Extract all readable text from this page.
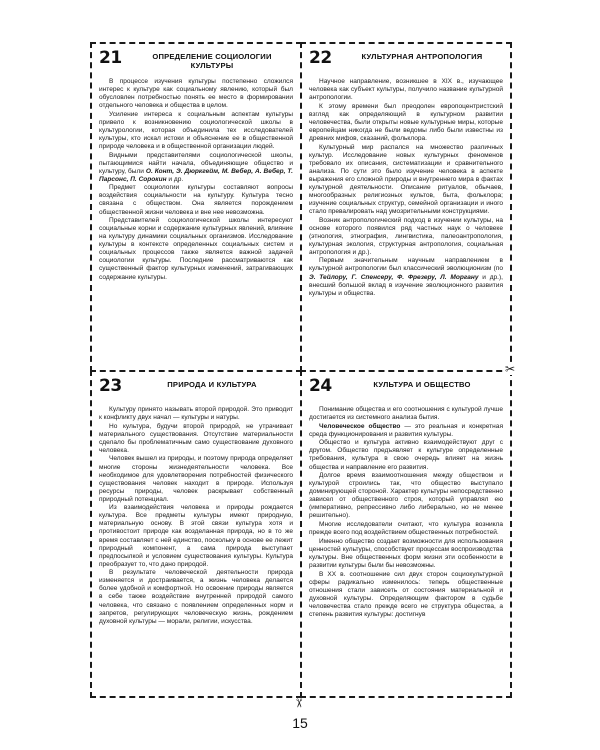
21	ОПРЕДЕЛЕНИЕ СОЦИОЛОГИИ КУЛЬТУРЫ

В процессе изучения культуры постепенно сложился интерес к культуре как социальному явлению, который был обусловлен потребностью понять ее место в формировании отдельного человека и общества в целом.

Усиление интереса к социальным аспектам культуры привело к возникновению социологической школы в культурологии, которая объединила тех исследователей культуры, кто искал истоки и объяснение ее в общественной природе человека и в общественной организации людей.

Видными представителями социологической школы, пытающимися найти начала, объединяющие общество и культуру, были О. Конт, Э. Дюркгейм, М. Вебер, А. Вебер, Т. Парсонс, П. Сорокин и др.

Предмет социологии культуры составляют вопросы воздействия социальности на культуру. Культура тесно связана с обществом. Она является порождением общественной жизни человека и вне нее невозможна.

Представителей социологической школы интересуют социальные корни и содержание культурных явлений, влияние на культуру динамики социальных организмов. Исследование культуры в контексте определенных социальных систем и социальных процессов также является важной задачей социологии культуры. Последние рассматриваются как существенный фактор культурных изменений, затрагивающих содержание культуры.

22	КУЛЬТУРНАЯ АНТРОПОЛОГИЯ

Научное направление, возникшее в XIX в., изучающее человека как субъект культуры, получило название культурной антропологии.

К этому времени был преодолен европоцентристский взгляд как определяющий в культурном развитии человечества, были открыты новые культурные миры, которые европейцам никогда не были ведомы либо были известны из древних мифов, сказаний, фольклора.

Культурный мир распался на множество различных культур. Исследование новых культурных феноменов требовало их описания, систематизации и сравнительного анализа. По сути это было изучение человека в аспекте выражения его сложной природы и внутреннего мира в фактах культурной деятельности. Описание ритуалов, обычаев, многообразных религиозных культов, быта, фольклора; изучение социальных структур, семейной организации и иного стало превалировать над умозрительными конструкциями.

Возник антропологический подход в изучении культуры, на основе которого появился ряд частных наук о человеке (этнология, этнография, лингвистика, палеоантропология, культурная экология, структурная антропология, социальная антропология и др.).

Первым значительным научным направлением в культурной антропологии был классический эволюционизм (по Э. Тейлору, Г. Спенсеру, Ф. Фрезеру, Л. Моргану и др.), внесший большой вклад в изучение эволюционного развития культуры и общества.

23	ПРИРОДА И КУЛЬТУРА

Культуру принято называть второй природой. Это приводит к конфликту двух начал — культуры и натуры.

Но культура, будучи второй природой, не утрачивает материального существования. Отсутствие материальности сделало бы проблематичным само существование духовного человека.

Человек вышел из природы, и поэтому природа определяет многие стороны жизнедеятельности человека. Все необходимое для удовлетворения потребностей физического существования человек находит в природе. Используя ресурсы природы, человек раскрывает собственный природный потенциал.

Из взаимодействия человека и природы рождается культура. Все предметы культуры имеют природную, материальную основу. В этой связи культура хотя и противостоит природе как возделанная природа, но в то же время составляет с ней единство, поскольку в основе ее лежит природный компонент, а сама природа выступает предпосылкой и условием существования культуры. Культура преобразует то, что дано природой.

В результате человеческой деятельности природа изменяется и достраивается, а жизнь человека делается более удобной и комфортной. Но освоение природы является в себе также воздействие внутренней природой самого человека, что связано с появлением определенных норм и запретов, регулирующих человеческую жизнь, рождением духовной культуры — морали, религии, искусства.

24	КУЛЬТУРА И ОБЩЕСТВО

Понимание общества и его соотношения с культурой лучше достигается из системного анализа бытия.

Человеческое общество — это реальная и конкретная среда функционирования и развития культуры.

Общество и культура активно взаимодействуют друг с другом. Общество предъявляет к культуре определенные требования, культура в свою очередь влияет на жизнь общества и направление его развития.

Долгое время взаимоотношения между обществом и культурой строились так, что общество выступало доминирующей стороной. Характер культуры непосредственно зависел от общественного строя, который управлял ею (императивно, репрессивно либо либерально, но не менее решительно).

Многие исследователи считают, что культура возникла прежде всего под воздействием общественных потребностей.

Именно общество создает возможности для использования ценностей культуры, способствует процессам воспроизводства культуры. Вне общественных форм жизни эти особенности в развитии культуры были бы невозможны.

В XX в. соотношение сил двух сторон социокультурной сферы радикально изменилось: теперь общественные отношения стали зависеть от состояния материальной и духовной культуры. Определяющим фактором в судьбе человечества стало прежде всего не структура общества, а степень развития культуры: достигнув

✂
✂
15
